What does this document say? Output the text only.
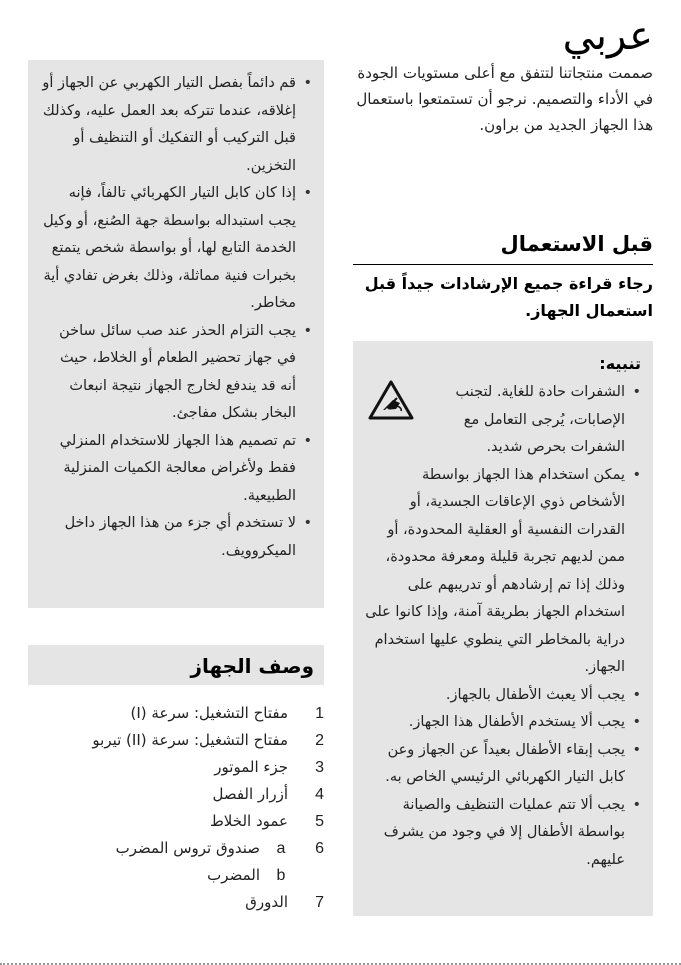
عربي

صممت منتجاتنا لتتفق مع أعلى مستويات الجودة في الأداء والتصميم. نرجو أن تستمتعوا باستعمال هذا الجهاز الجديد من براون.

قبل الاستعمال

رجاء قراءة جميع الإرشادات جيداً قبل استعمال الجهاز.

تنبيه:
• الشفرات حادة للغاية. لتجنب الإصابات، يُرجى التعامل مع الشفرات بحرص شديد.
• يمكن استخدام هذا الجهاز بواسطة الأشخاص ذوي الإعاقات الجسدية، أو القدرات النفسية أو العقلية المحدودة، أو ممن لديهم تجربة قليلة ومعرفة محدودة، وذلك إذا تم إرشادهم أو تدريبهم على استخدام الجهاز بطريقة آمنة، وإذا كانوا على دراية بالمخاطر التي ينطوي عليها استخدام الجهاز.
• يجب ألا يعبث الأطفال بالجهاز.
• يجب ألا يستخدم الأطفال هذا الجهاز.
• يجب إبقاء الأطفال بعيداً عن الجهاز وعن كابل التيار الكهربائي الرئيسي الخاص به.
• يجب ألا تتم عمليات التنظيف والصيانة بواسطة الأطفال إلا في وجود من يشرف عليهم.
• قم دائماً بفصل التيار الكهربي عن الجهاز أو إغلاقه، عندما تتركه بعد العمل عليه، وكذلك قبل التركيب أو التفكيك أو التنظيف أو التخزين.
• إذا كان كابل التيار الكهربائي تالفاً، فإنه يجب استبداله بواسطة جهة الصُنع، أو وكيل الخدمة التابع لها، أو بواسطة شخص يتمتع بخبرات فنية مماثلة، وذلك بغرض تفادي أية مخاطر.
• يجب التزام الحذر عند صب سائل ساخن في جهاز تحضير الطعام أو الخلاط، حيث أنه قد يندفع لخارج الجهاز نتيجة انبعاث البخار بشكل مفاجئ.
• تم تصميم هذا الجهاز للاستخدام المنزلي فقط ولأغراض معالجة الكميات المنزلية الطبيعية.
• لا تستخدم أي جزء من هذا الجهاز داخل الميكروويف.
وصف الجهاز
1
مفتاح التشغيل: سرعة (I)
2
مفتاح التشغيل: سرعة (II) تيربو
3
جزء الموتور
4
أزرار الفصل
5
عمود الخلاط
6
a
صندوق تروس المضرب
b
المضرب
7
الدورق
